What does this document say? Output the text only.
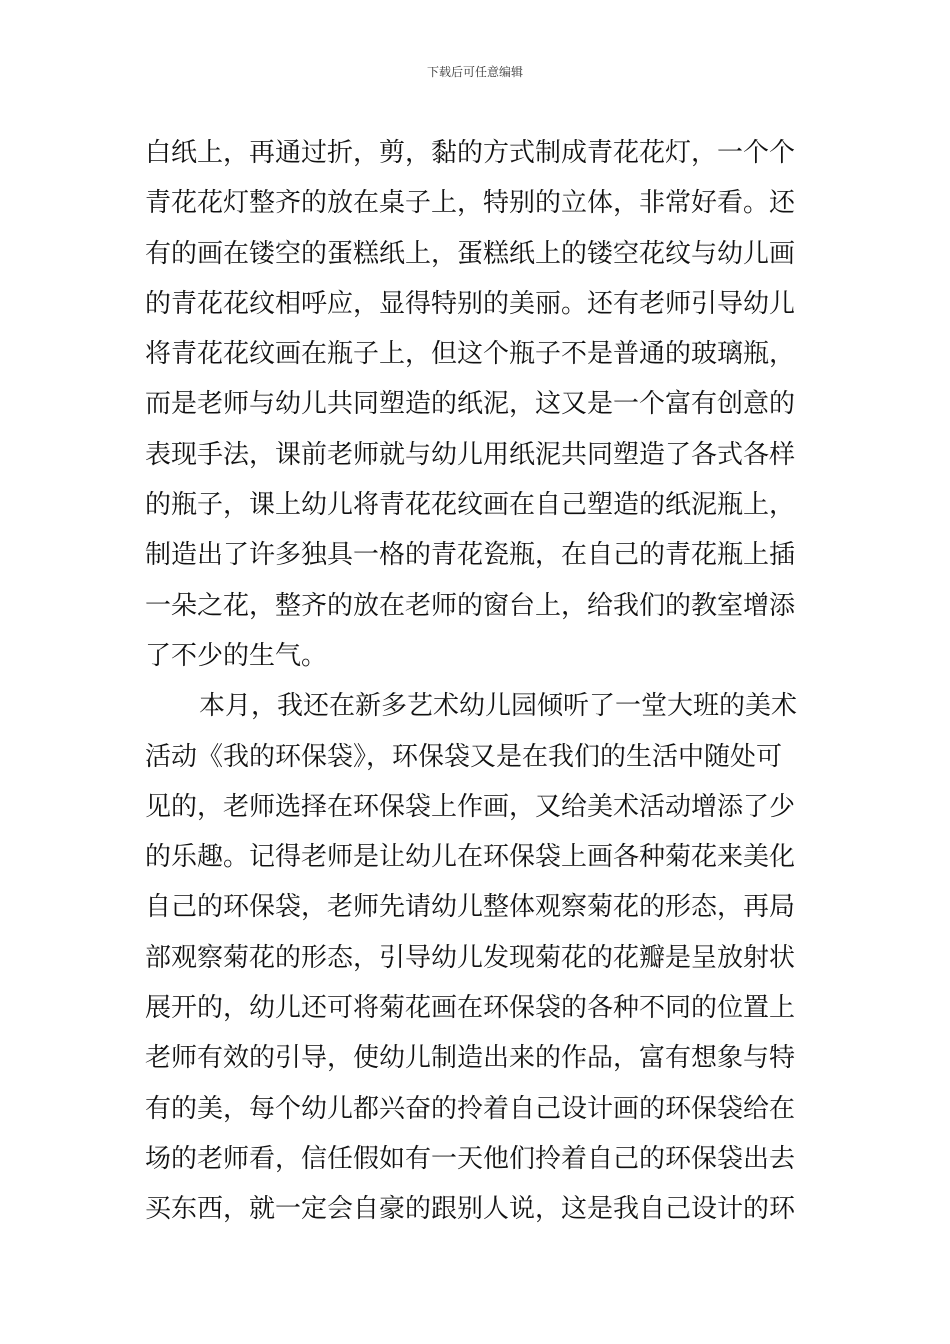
下载后可任意编辑
白纸上，再通过折，剪，黏的方式制成青花花灯，一个个
青花花灯整齐的放在桌子上，特别的立体，非常好看。还
有的画在镂空的蛋糕纸上，蛋糕纸上的镂空花纹与幼儿画
的青花花纹相呼应，显得特别的美丽。还有老师引导幼儿
将青花花纹画在瓶子上，但这个瓶子不是普通的玻璃瓶，
而是老师与幼儿共同塑造的纸泥，这又是一个富有创意的
表现手法，课前老师就与幼儿用纸泥共同塑造了各式各样
的瓶子，课上幼儿将青花花纹画在自己塑造的纸泥瓶上，
制造出了许多独具一格的青花瓷瓶，在自己的青花瓶上插
一朵之花，整齐的放在老师的窗台上，给我们的教室增添
了不少的生气。
本月，我还在新多艺术幼儿园倾听了一堂大班的美术
活动《我的环保袋》，环保袋又是在我们的生活中随处可
见的，老师选择在环保袋上作画，又给美术活动增添了少
的乐趣。记得老师是让幼儿在环保袋上画各种菊花来美化
自己的环保袋，老师先请幼儿整体观察菊花的形态，再局
部观察菊花的形态，引导幼儿发现菊花的花瓣是呈放射状
展开的，幼儿还可将菊花画在环保袋的各种不同的位置上
老师有效的引导，使幼儿制造出来的作品，富有想象与特
有的美，每个幼儿都兴奋的拎着自己设计画的环保袋给在
场的老师看，信任假如有一天他们拎着自己的环保袋出去
买东西，就一定会自豪的跟别人说，这是我自己设计的环
